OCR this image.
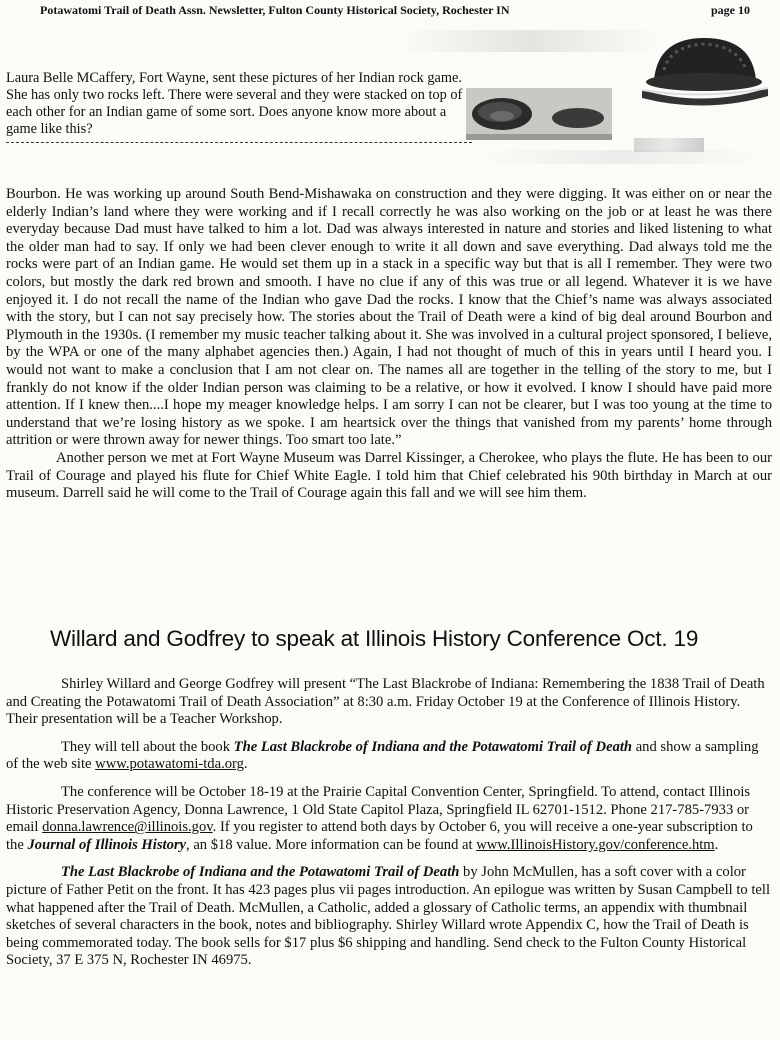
Potawatomi Trail of Death Assn. Newsletter, Fulton County Historical Society, Rochester IN	page 10
Laura Belle MCaffery, Fort Wayne, sent these pictures of her Indian rock game. She has only two rocks left. There were several and they were stacked on top of each other for an Indian game of some sort. Does anyone know more about a game like this?

Bourbon. He was working up around South Bend-Mishawaka on construction and they were digging. It was either on or near the elderly Indian’s land where they were working and if I recall correctly he was also working on the job or at least he was there everyday because Dad must have talked to him a lot. Dad was always interested in nature and stories and liked listening to what the older man had to say. If only we had been clever enough to write it all down and save everything. Dad always told me the rocks were part of an Indian game. He would set them up in a stack in a specific way but that is all I remember. They were two colors, but mostly the dark red brown and smooth. I have no clue if any of this was true or all legend. Whatever it is we have enjoyed it. I do not recall the name of the Indian who gave Dad the rocks. I know that the Chief’s name was always associated with the story, but I can not say precisely how. The stories about the Trail of Death were a kind of big deal around Bourbon and Plymouth in the 1930s. (I remember my music teacher talking about it. She was involved in a cultural project sponsored, I believe, by the WPA or one of the many alphabet agencies then.) Again, I had not thought of much of this in years until I heard you. I would not want to make a conclusion that I am not clear on. The names all are together in the telling of the story to me, but I frankly do not know if the older Indian person was claiming to be a relative, or how it evolved. I know I should have paid more attention. If I knew then....I hope my meager knowledge helps. I am sorry I can not be clearer, but I was too young at the time to understand that we’re losing history as we spoke. I am heartsick over the things that vanished from my parents’ home through attrition or were thrown away for newer things. Too smart too late.”

Another person we met at Fort Wayne Museum was Darrel Kissinger, a Cherokee, who plays the flute. He has been to our Trail of Courage and played his flute for Chief White Eagle. I told him that Chief celebrated his 90th birthday in March at our museum. Darrell said he will come to the Trail of Courage again this fall and we will see him them.

Willard and Godfrey to speak at Illinois History Conference Oct. 19

Shirley Willard and George Godfrey will present “The Last Blackrobe of Indiana: Remembering the 1838 Trail of Death and Creating the Potawatomi Trail of Death Association” at 8:30 a.m. Friday October 19 at the Conference of Illinois History. Their presentation will be a Teacher Workshop.

They will tell about the book The Last Blackrobe of Indiana and the Potawatomi Trail of Death and show a sampling of the web site www.potawatomi-tda.org.

The conference will be October 18-19 at the Prairie Capital Convention Center, Springfield. To attend, contact Illinois Historic Preservation Agency, Donna Lawrence, 1 Old State Capitol Plaza, Springfield IL 62701-1512. Phone 217-785-7933 or email donna.lawrence@illinois.gov. If you register to attend both days by October 6, you will receive a one-year subscription to the Journal of Illinois History, an $18 value. More information can be found at www.IllinoisHistory.gov/conference.htm.

The Last Blackrobe of Indiana and the Potawatomi Trail of Death by John McMullen, has a soft cover with a color picture of Father Petit on the front. It has 423 pages plus vii pages introduction. An epilogue was written by Susan Campbell to tell what happened after the Trail of Death. McMullen, a Catholic, added a glossary of Catholic terms, an appendix with thumbnail sketches of several characters in the book, notes and bibliography. Shirley Willard wrote Appendix C, how the Trail of Death is being commemorated today. The book sells for $17 plus $6 shipping and handling. Send check to the Fulton County Historical Society, 37 E 375 N, Rochester IN 46975.
